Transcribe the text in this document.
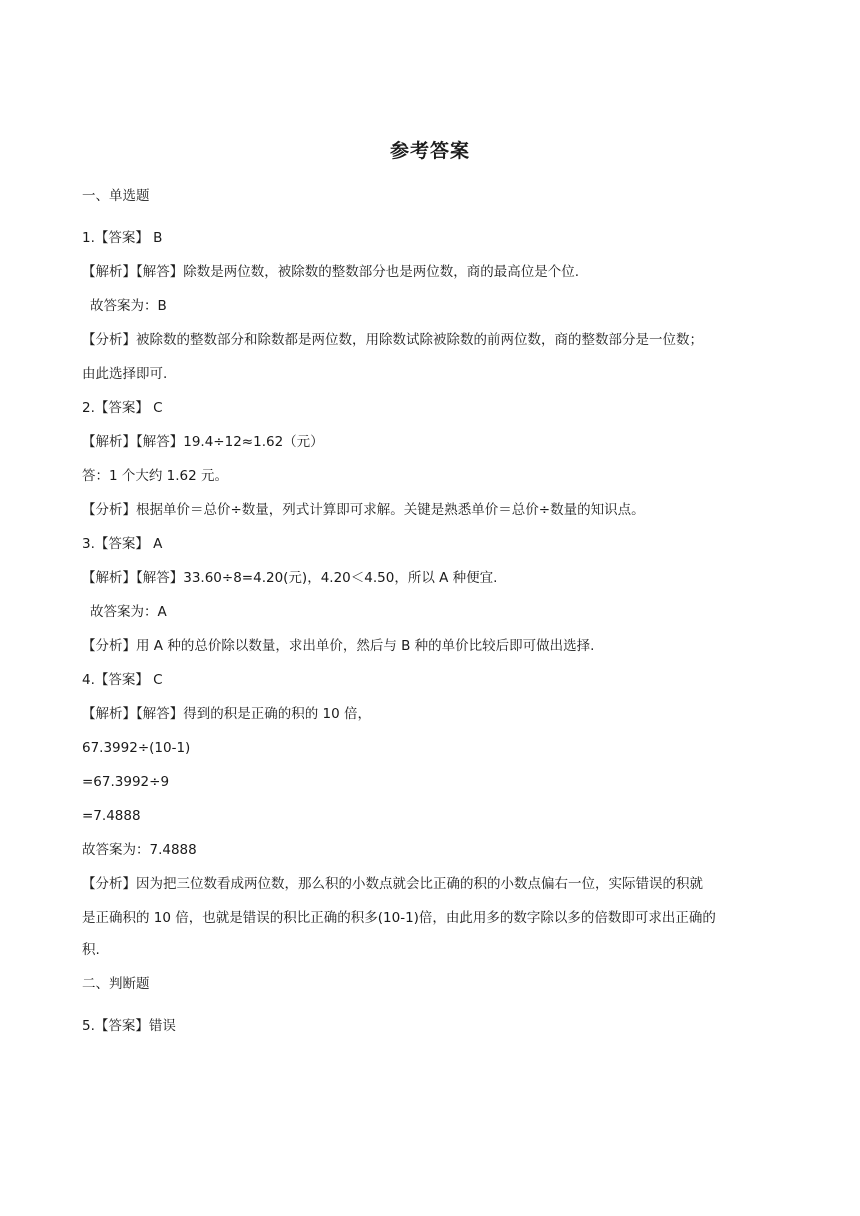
参考答案

一、单选题

1.【答案】 B

【解析】【解答】除数是两位数，被除数的整数部分也是两位数，商的最高位是个位.

故答案为：B

【分析】被除数的整数部分和除数都是两位数，用除数试除被除数的前两位数，商的整数部分是一位数；

由此选择即可.

2.【答案】 C

【解析】【解答】19.4÷12≈1.62（元）

答：1 个大约 1.62 元。

【分析】根据单价＝总价÷数量，列式计算即可求解。关键是熟悉单价＝总价÷数量的知识点。

3.【答案】 A

【解析】【解答】33.60÷8=4.20(元)，4.20＜4.50，所以 A 种便宜.

故答案为：A

【分析】用 A 种的总价除以数量，求出单价，然后与 B 种的单价比较后即可做出选择.

4.【答案】 C

【解析】【解答】得到的积是正确的积的 10 倍，

67.3992÷(10-1)

=67.3992÷9

=7.4888

故答案为：7.4888

【分析】因为把三位数看成两位数，那么积的小数点就会比正确的积的小数点偏右一位，实际错误的积就

是正确积的 10 倍，也就是错误的积比正确的积多(10-1)倍，由此用多的数字除以多的倍数即可求出正确的

积.

二、判断题

5.【答案】错误
